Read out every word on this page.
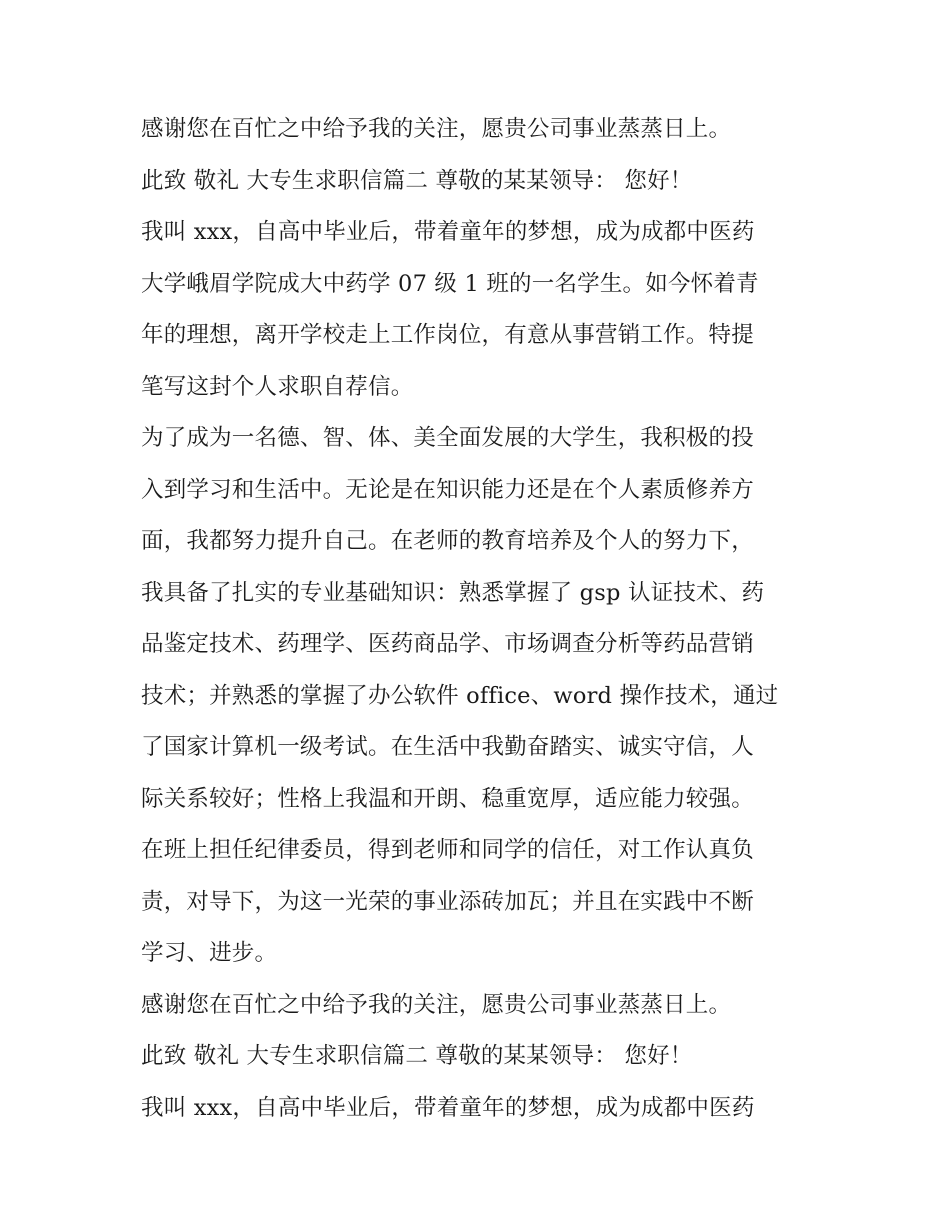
感谢您在百忙之中给予我的关注，愿贵公司事业蒸蒸日上。
此致 敬礼 大专生求职信篇二 尊敬的某某领导： 您好！
我叫 xxx，自高中毕业后，带着童年的梦想，成为成都中医药
大学峨眉学院成大中药学 07 级 1 班的一名学生。如今怀着青
年的理想，离开学校走上工作岗位，有意从事营销工作。特提
笔写这封个人求职自荐信。
为了成为一名德、智、体、美全面发展的大学生，我积极的投
入到学习和生活中。无论是在知识能力还是在个人素质修养方
面，我都努力提升自己。在老师的教育培养及个人的努力下，
我具备了扎实的专业基础知识：熟悉掌握了 gsp 认证技术、药
品鉴定技术、药理学、医药商品学、市场调查分析等药品营销
技术；并熟悉的掌握了办公软件 office、word 操作技术，通过
了国家计算机一级考试。在生活中我勤奋踏实、诚实守信，人
际关系较好；性格上我温和开朗、稳重宽厚，适应能力较强。
在班上担任纪律委员，得到老师和同学的信任，对工作认真负
责，对导下，为这一光荣的事业添砖加瓦；并且在实践中不断
学习、进步。
感谢您在百忙之中给予我的关注，愿贵公司事业蒸蒸日上。
此致 敬礼 大专生求职信篇二 尊敬的某某领导： 您好！
我叫 xxx，自高中毕业后，带着童年的梦想，成为成都中医药
